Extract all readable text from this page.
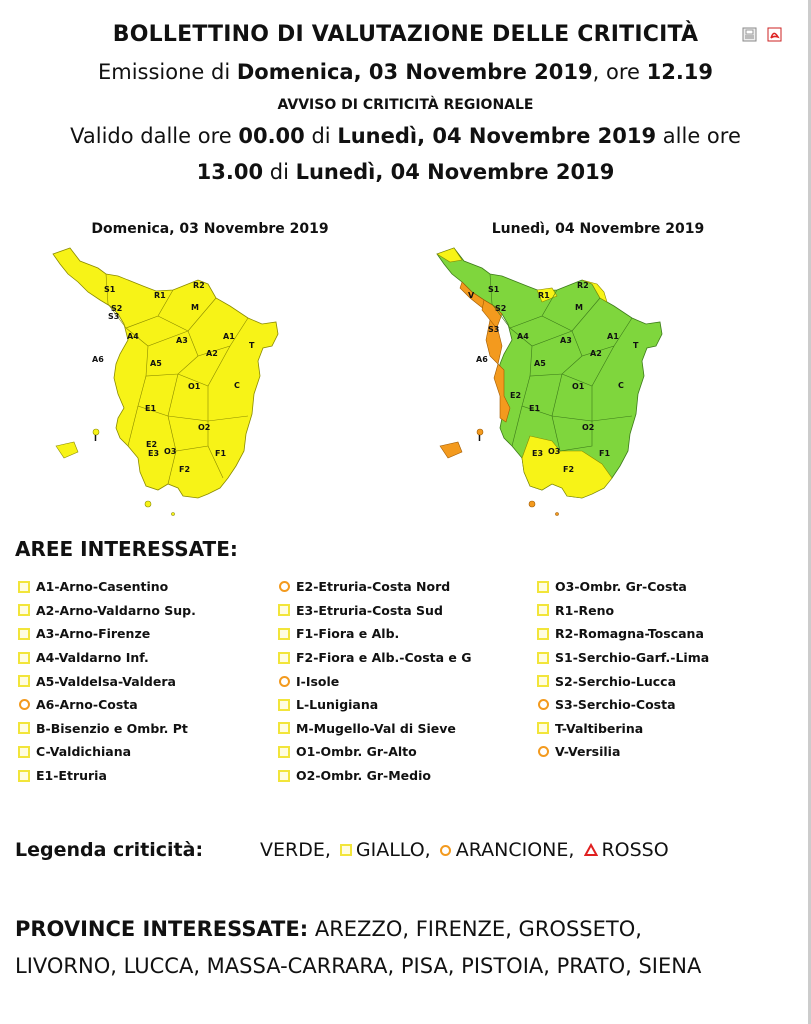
BOLLETTINO DI VALUTAZIONE DELLE CRITICITÀ
Emissione di Domenica, 03 Novembre 2019, ore 12.19
AVVISO DI CRITICITÀ REGIONALE
Valido dalle ore 00.00 di Lunedì, 04 Novembre 2019 alle ore
13.00 di Lunedì, 04 Novembre 2019
Domenica, 03 Novembre 2019	Lunedì, 04 Novembre 2019
S1
S2
S3
R1
R2
M
A4	A3	A1
T
A6	A5
A2
O1	C
E1
E2
O2
E3 O3	F1
F2
I
S1
S2
S3
R1
R2
M
V
A4	A3	A1
T
A6	A5
A2
O1	C
E1
E2
O2
E3 O3	F1
F2
I
AREE INTERESSATE:
A1-Arno-Casentino
A2-Arno-Valdarno Sup.
A3-Arno-Firenze
A4-Valdarno Inf.
A5-Valdelsa-Valdera
A6-Arno-Costa
B-Bisenzio e Ombr. Pt
C-Valdichiana
E1-Etruria
E2-Etruria-Costa Nord
E3-Etruria-Costa Sud
F1-Fiora e Alb.
F2-Fiora e Alb.-Costa e G
I-Isole
L-Lunigiana
M-Mugello-Val di Sieve
O1-Ombr. Gr-Alto
O2-Ombr. Gr-Medio
O3-Ombr. Gr-Costa
R1-Reno
R2-Romagna-Toscana
S1-Serchio-Garf.-Lima
S2-Serchio-Lucca
S3-Serchio-Costa
T-Valtiberina
V-Versilia
Legenda criticità:	VERDE, GIALLO, ARANCIONE, ROSSO
PROVINCE INTERESSATE: AREZZO, FIRENZE, GROSSETO, LIVORNO, LUCCA, MASSA-CARRARA, PISA, PISTOIA, PRATO, SIENA
